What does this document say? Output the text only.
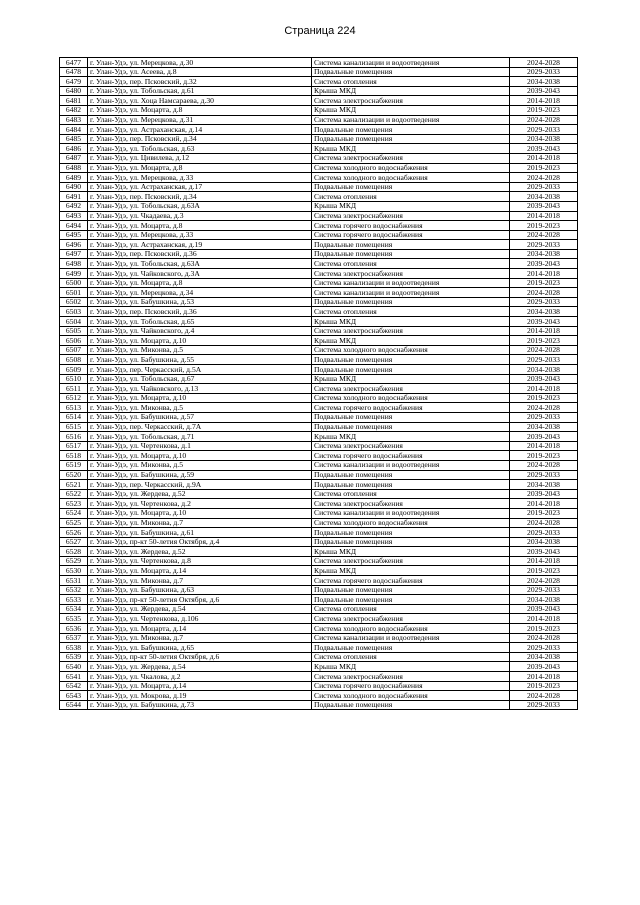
Страница 224
6477	г. Улан-Удэ, ул. Мерецкова, д.30	Система канализации и водоотведения	2024-2028
6478	г. Улан-Удэ, ул. Асеева, д.8	Подвальные помещения	2029-2033
6479	г. Улан-Удэ, пер. Псковский, д.32	Система отопления	2034-2038
6480	г. Улан-Удэ, ул. Тобольская, д.61	Крыша МКД	2039-2043
6481	г. Улан-Удэ, ул. Хоца Намсараева, д.30	Система электроснабжения	2014-2018
6482	г. Улан-Удэ, ул. Моцарта, д.8	Крыша МКД	2019-2023
6483	г. Улан-Удэ, ул. Мерецкова, д.31	Система канализации и водоотведения	2024-2028
6484	г. Улан-Удэ, ул. Астраханская, д.14	Подвальные помещения	2029-2033
6485	г. Улан-Удэ, пер. Псковский, д.34	Подвальные помещения	2034-2038
6486	г. Улан-Удэ, ул. Тобольская, д.63	Крыша МКД	2039-2043
6487	г. Улан-Удэ, ул. Цивилева, д.12	Система электроснабжения	2014-2018
6488	г. Улан-Удэ, ул. Моцарта, д.8	Система холодного водоснабжения	2019-2023
6489	г. Улан-Удэ, ул. Мерецкова, д.33	Система холодного водоснабжения	2024-2028
6490	г. Улан-Удэ, ул. Астраханская, д.17	Подвальные помещения	2029-2033
6491	г. Улан-Удэ, пер. Псковский, д.34	Система отопления	2034-2038
6492	г. Улан-Удэ, ул. Тобольская, д.63А	Крыша МКД	2039-2043
6493	г. Улан-Удэ, ул. Чкадаева, д.3	Система электроснабжения	2014-2018
6494	г. Улан-Удэ, ул. Моцарта, д.8	Система горячего водоснабжения	2019-2023
6495	г. Улан-Удэ, ул. Мерецкова, д.33	Система горячего водоснабжения	2024-2028
6496	г. Улан-Удэ, ул. Астраханская, д.19	Подвальные помещения	2029-2033
6497	г. Улан-Удэ, пер. Псковский, д.36	Подвальные помещения	2034-2038
6498	г. Улан-Удэ, ул. Тобольская, д.63А	Система отопления	2039-2043
6499	г. Улан-Удэ, ул. Чайковского, д.3А	Система электроснабжения	2014-2018
6500	г. Улан-Удэ, ул. Моцарта, д.8	Система канализации и водоотведения	2019-2023
6501	г. Улан-Удэ, ул. Мерецкова, д.34	Система канализации и водоотведения	2024-2028
6502	г. Улан-Удэ, ул. Бабушкина, д.53	Подвальные помещения	2029-2033
6503	г. Улан-Удэ, пер. Псковский, д.36	Система отопления	2034-2038
6504	г. Улан-Удэ, ул. Тобольская, д.65	Крыша МКД	2039-2043
6505	г. Улан-Удэ, ул. Чайковского, д.4	Система электроснабжения	2014-2018
6506	г. Улан-Удэ, ул. Моцарта, д.10	Крыша МКД	2019-2023
6507	г. Улан-Удэ, ул. Миконва, д.5	Система холодного водоснабжения	2024-2028
6508	г. Улан-Удэ, ул. Бабушкина, д.55	Подвальные помещения	2029-2033
6509	г. Улан-Удэ, пер. Черкасский, д.5А	Подвальные помещения	2034-2038
6510	г. Улан-Удэ, ул. Тобольская, д.67	Крыша МКД	2039-2043
6511	г. Улан-Удэ, ул. Чайковского, д.13	Система электроснабжения	2014-2018
6512	г. Улан-Удэ, ул. Моцарта, д.10	Система холодного водоснабжения	2019-2023
6513	г. Улан-Удэ, ул. Миконва, д.5	Система горячего водоснабжения	2024-2028
6514	г. Улан-Удэ, ул. Бабушкина, д.57	Подвальные помещения	2029-2033
6515	г. Улан-Удэ, пер. Черкасский, д.7А	Подвальные помещения	2034-2038
6516	г. Улан-Удэ, ул. Тобольская, д.71	Крыша МКД	2039-2043
6517	г. Улан-Удэ, ул. Чертенкова, д.1	Система электроснабжения	2014-2018
6518	г. Улан-Удэ, ул. Моцарта, д.10	Система горячего водоснабжения	2019-2023
6519	г. Улан-Удэ, ул. Миконва, д.5	Система канализации и водоотведения	2024-2028
6520	г. Улан-Удэ, ул. Бабушкина, д.59	Подвальные помещения	2029-2033
6521	г. Улан-Удэ, пер. Черкасский, д.9А	Подвальные помещения	2034-2038
6522	г. Улан-Удэ, ул. Жердева, д.52	Система отопления	2039-2043
6523	г. Улан-Удэ, ул. Чертенкова, д.2	Система электроснабжения	2014-2018
6524	г. Улан-Удэ, ул. Моцарта, д.10	Система канализации и водоотведения	2019-2023
6525	г. Улан-Удэ, ул. Миконва, д.7	Система холодного водоснабжения	2024-2028
6526	г. Улан-Удэ, ул. Бабушкина, д.61	Подвальные помещения	2029-2033
6527	г. Улан-Удэ, пр-кт 50-летия Октября, д.4	Подвальные помещения	2034-2038
6528	г. Улан-Удэ, ул. Жердева, д.52	Крыша МКД	2039-2043
6529	г. Улан-Удэ, ул. Чертенкова, д.8	Система электроснабжения	2014-2018
6530	г. Улан-Удэ, ул. Моцарта, д.14	Крыша МКД	2019-2023
6531	г. Улан-Удэ, ул. Миконва, д.7	Система горячего водоснабжения	2024-2028
6532	г. Улан-Удэ, ул. Бабушкина, д.63	Подвальные помещения	2029-2033
6533	г. Улан-Удэ, пр-кт 50-летия Октября, д.6	Подвальные помещения	2034-2038
6534	г. Улан-Удэ, ул. Жердева, д.54	Система отопления	2039-2043
6535	г. Улан-Удэ, ул. Чертенкова, д.106	Система электроснабжения	2014-2018
6536	г. Улан-Удэ, ул. Моцарта, д.14	Система холодного водоснабжения	2019-2023
6537	г. Улан-Удэ, ул. Миконва, д.7	Система канализации и водоотведения	2024-2028
6538	г. Улан-Удэ, ул. Бабушкина, д.65	Подвальные помещения	2029-2033
6539	г. Улан-Удэ, пр-кт 50-летия Октября, д.6	Система отопления	2034-2038
6540	г. Улан-Удэ, ул. Жердева, д.54	Крыша МКД	2039-2043
6541	г. Улан-Удэ, ул. Чкалова, д.2	Система электроснабжения	2014-2018
6542	г. Улан-Удэ, ул. Моцарта, д.14	Система горячего водоснабжения	2019-2023
6543	г. Улан-Удэ, ул. Мокрова, д.19	Система холодного водоснабжения	2024-2028
6544	г. Улан-Удэ, ул. Бабушкина, д.73	Подвальные помещения	2029-2033
